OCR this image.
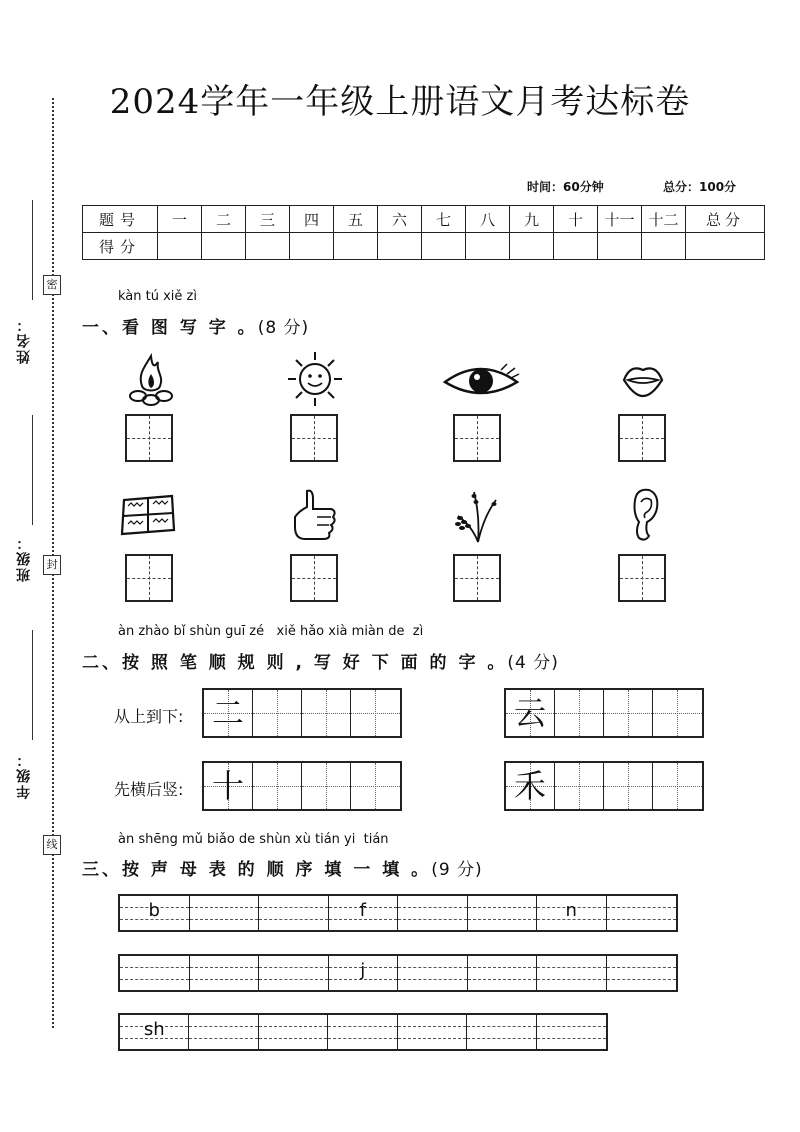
姓名：
密
班级：	封
年级：
线
2024学年一年级上册语文月考达标卷
时间：60分钟	总分：100分
题号	一	二	三	四	五	六	七	八	九	十	十一	十二	总分
得分													
kàn tú xiě zì
一、看 图 写 字 。(8 分)
àn zhào bǐ shùn guī zé   xiě hǎo xià miàn de  zì
二、按 照 笔 顺 规 则 , 写 好 下 面 的 字 。(4 分)
从上到下: 二	云
先横后竖: 十	禾
àn shēng mǔ biǎo de shùn xù tián yi  tián
三、按 声 母 表 的 顺 序 填 一 填 。(9 分)
b	f	n
j
sh
